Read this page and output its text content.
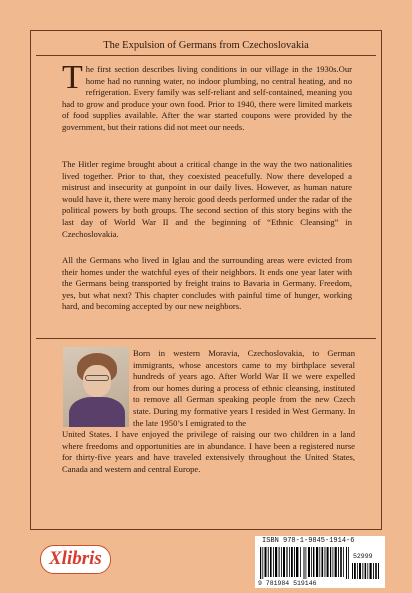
The Expulsion of Germans from Czechoslovakia
The first section describes living conditions in our village in the 1930s.Our home had no running water, no indoor plumbing, no central heating, and no refrigeration. Every family was self-reliant and self-contained, meaning you had to grow and produce your own food. Prior to 1940, there were limited markets of food supplies available. After the war started coupons were provided by the government, but their rations did not meet our needs.
The Hitler regime brought about a critical change in the way the two nationalities lived together. Prior to that, they coexisted peacefully. Now there developed a mistrust and insecurity at gunpoint in our daily lives. However, as human nature would have it, there were many heroic good deeds performed under the radar of the political powers by both groups. The second section of this story begins with the last day of World War II and the beginning of “Ethnic Cleansing” in Czechoslovakia.
All the Germans who lived in Iglau and the surrounding areas were evicted from their homes under the watchful eyes of their neighbors. It ends one year later with the Germans being transported by freight trains to Bavaria in Germany. Freedom, yes, but what next? This chapter concludes with painful time of hunger, working hard, and becoming accepted by our new neighbors.
Born in western Moravia, Czechoslovakia, to German immigrants, whose ancestors came to my birthplace several hundreds of years ago. After World War II we were expelled from our homes during a process of ethnic cleansing, instituted to remove all German speaking people from the new Czech state. During my formative years I resided in West Germany. In the late 1950’s I emigrated to the
United States. I have enjoyed the privilege of raising our two children in a land where freedoms and opportunities are in abundance. I have been a registered nurse for thirty-five years and have traveled extensively throughout the United States, Canada and western and central Europe.
Xlibris
ISBN 978-1-9845-1914-6
52999
9 781984 519146
